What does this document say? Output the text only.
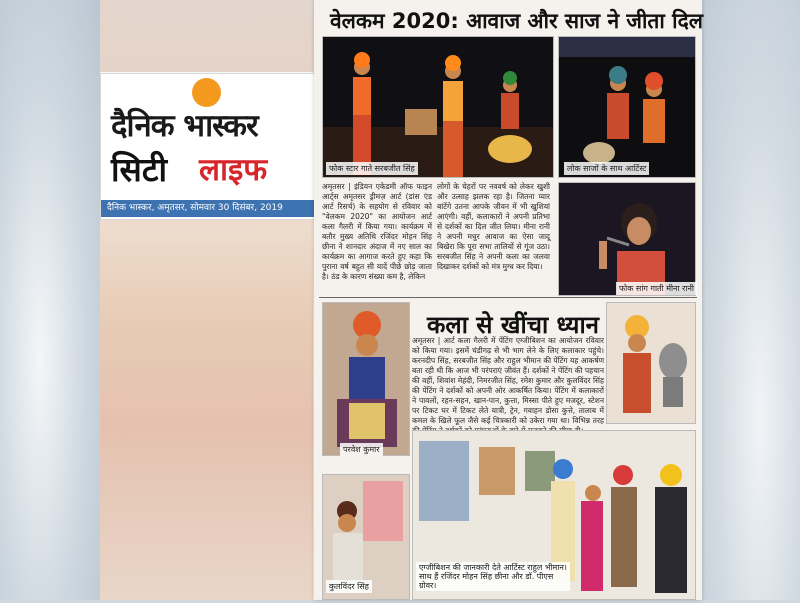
दैनिक भास्कर
सिटी लाइफ
दैनिक भास्कर, अमृतसर, सोमवार 30 दिसंबर, 2019
वेलकम 2020: आवाज और साज ने जीता दिल
फोक स्टार गाते सरबजीत सिंह	लोक साजों के साथ आर्टिस्ट
अमृतसर | इंडियन एकेडमी ऑफ फाइन आर्ट्स अमृतसर ड्रीमज़ आर्ट (डांस एंड आर्ट रिसर्च) के सहयोग से रविवार को "वेलकम 2020" का आयोजन आर्ट कला गैलरी में किया गया। कार्यक्रम में बतौर मुख्य अतिथि रजिंदर मोहन सिंह छीना ने शानदार अंदाज में नए साल का कार्यक्रम का आगाज करते हुए कहा कि पुराना वर्ष बहुत सी यादें पीछे छोड़ जाता है। ठंड के कारण संख्या कम है, लेकिन
लोगों के चेहरों पर नववर्ष को लेकर खुशी और उत्साह झलक रहा है। जितना प्यार बांटेंगे उतना आपके जीवन में भी खुशियां आएंगी। वहीं, कलाकारों ने अपनी प्रतिभा से दर्शकों का दिल जीत लिया। मीना रानी ने अपनी मधुर आवाज का ऐसा जादू बिखेरा कि पूरा सभा तालियों से गूंज उठा। सरबजीत सिंह ने अपनी कला का जलवा दिखाकर दर्शकों को मंत्र मुग्ध कर दिया।
फोक सांग गाती मीना रानी
कला से खींचा ध्यान
परवेश कुमार
अमृतसर | आर्ट कला गैलरी में पेंटिंग एग्जीबिशन का आयोजन रविवार को किया गया। इसमें चंडीगढ़ से भी भाग लेने के लिए कलाकार पहुंचे। करनदीप सिंह, सरबजीत सिंह और राहुल भीमान की पेंटिंग यह आकर्षण बता रही थी कि आज भी परंपराएं जीवंत हैं। दर्शकों ने पेंटिंग की पहचान की वहीं, शिवांश मेहंदी, निमरजीत सिंह, रमेश कुमार और कुलविंदर सिंह की पेंटिंग ने दर्शकों को अपनी ओर आकर्षित किया। पेंटिंग में कलाकारों ने पावलों, रहन-सहन, खान-पान, कुत्ता, मिस्सा पीते हुए मजदूर, स्टेशन पर टिकट घर में टिकट लेते यात्री, ट्रेन, गवाहन डोसा कुत्ते, तालाब में कमल के खिले फूल जैसे कई चित्रकारी को उकेरा गया था। विभिन्न तरह
कुलविंदर सिंह
एग्जीबिशन की जानकारी देते आर्टिस्ट राहुल भीमान। साथ हैं रजिंदर मोहन सिंह छीना और डॉ. पीएस ग्रोवर।
